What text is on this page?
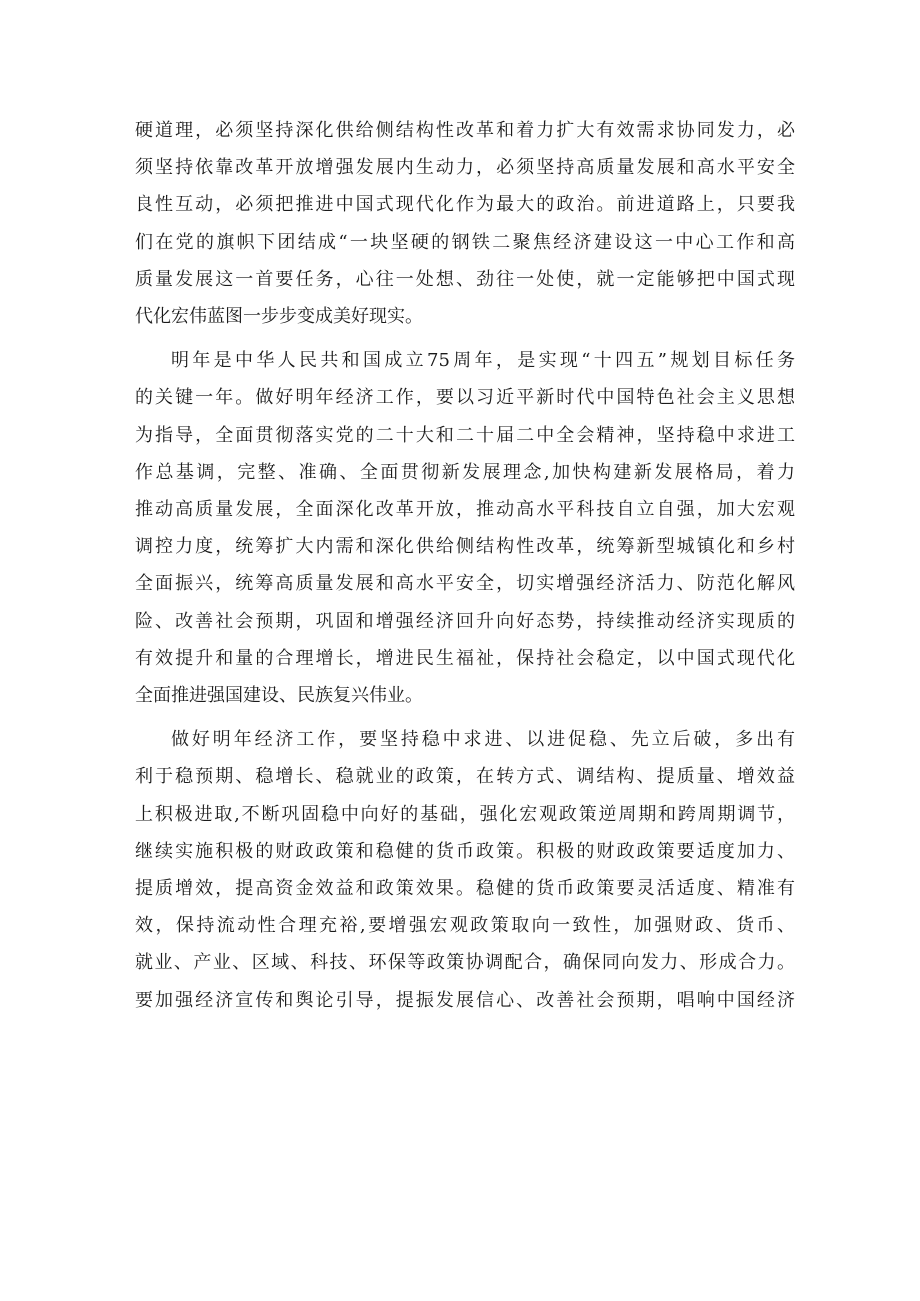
硬道理，必须坚持深化供给侧结构性改革和着力扩大有效需求协同发力，必
须坚持依靠改革开放增强发展内生动力，必须坚持高质量发展和高水平安全
良性互动，必须把推进中国式现代化作为最大的政治。前进道路上，只要我
们在党的旗帜下团结成“一块坚硬的钢铁二聚焦经济建设这一中心工作和高
质量发展这一首要任务，心往一处想、劲往一处使，就一定能够把中国式现
代化宏伟蓝图一步步变成美好现实。

明年是中华人民共和国成立75周年，是实现“十四五”规划目标任务
的关键一年。做好明年经济工作，要以习近平新时代中国特色社会主义思想
为指导，全面贯彻落实党的二十大和二十届二中全会精神，坚持稳中求进工
作总基调，完整、准确、全面贯彻新发展理念,加快构建新发展格局，着力
推动高质量发展，全面深化改革开放，推动高水平科技自立自强，加大宏观
调控力度，统筹扩大内需和深化供给侧结构性改革，统筹新型城镇化和乡村
全面振兴，统筹高质量发展和高水平安全，切实增强经济活力、防范化解风
险、改善社会预期，巩固和增强经济回升向好态势，持续推动经济实现质的
有效提升和量的合理增长，增进民生福祉，保持社会稳定，以中国式现代化
全面推进强国建设、民族复兴伟业。

做好明年经济工作，要坚持稳中求进、以进促稳、先立后破，多出有
利于稳预期、稳增长、稳就业的政策，在转方式、调结构、提质量、增效益
上积极进取,不断巩固稳中向好的基础，强化宏观政策逆周期和跨周期调节，
继续实施积极的财政政策和稳健的货币政策。积极的财政政策要适度加力、
提质增效，提高资金效益和政策效果。稳健的货币政策要灵活适度、精准有
效，保持流动性合理充裕,要增强宏观政策取向一致性，加强财政、货币、
就业、产业、区域、科技、环保等政策协调配合，确保同向发力、形成合力。
要加强经济宣传和舆论引导，提振发展信心、改善社会预期，唱响中国经济
